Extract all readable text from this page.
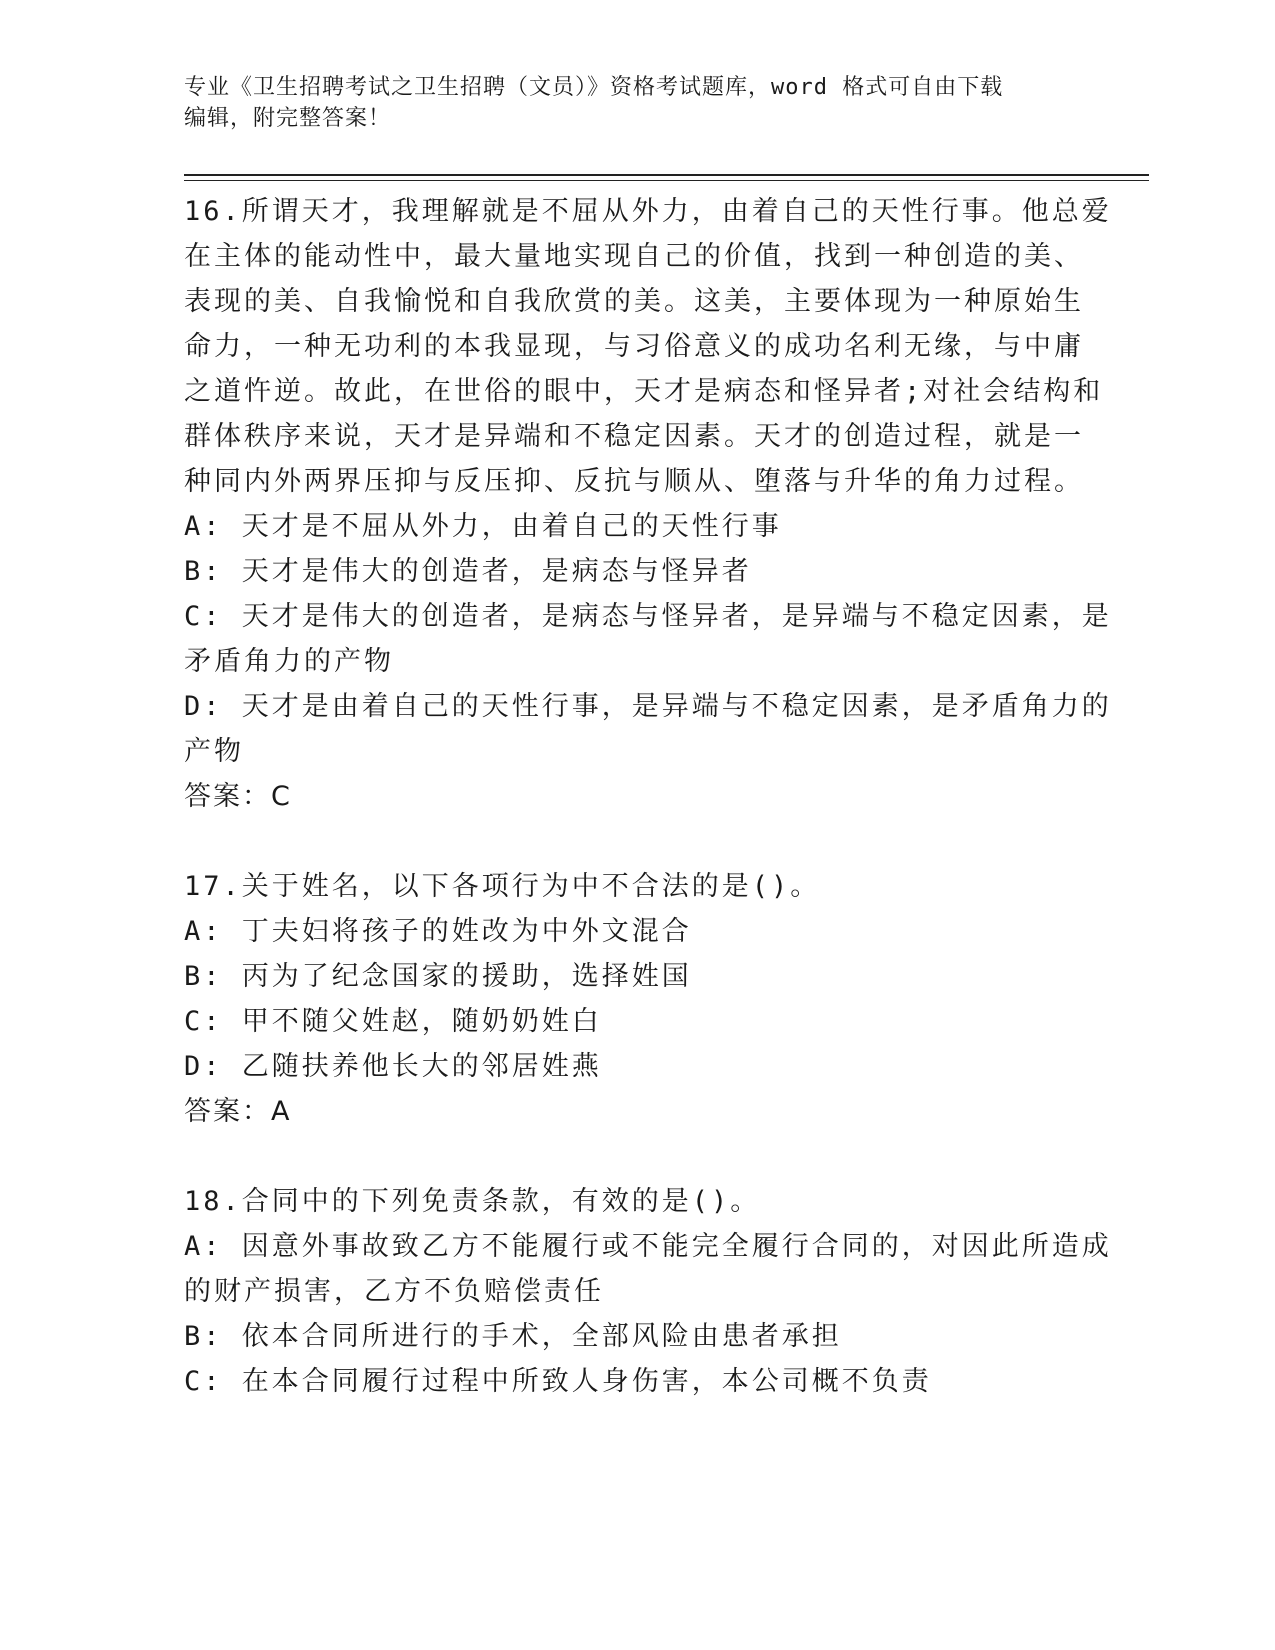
专业《卫生招聘考试之卫生招聘（文员）》资格考试题库，word 格式可自由下载
编辑，附完整答案！
16.所谓天才，我理解就是不屈从外力，由着自己的天性行事。他总爱
在主体的能动性中，最大量地实现自己的价值，找到一种创造的美、
表现的美、自我愉悦和自我欣赏的美。这美，主要体现为一种原始生
命力，一种无功利的本我显现，与习俗意义的成功名利无缘，与中庸
之道忤逆。故此，在世俗的眼中，天才是病态和怪异者;对社会结构和
群体秩序来说，天才是异端和不稳定因素。天才的创造过程，就是一
种同内外两界压抑与反压抑、反抗与顺从、堕落与升华的角力过程。
A: 天才是不屈从外力，由着自己的天性行事
B: 天才是伟大的创造者，是病态与怪异者
C: 天才是伟大的创造者，是病态与怪异者，是异端与不稳定因素，是
矛盾角力的产物
D: 天才是由着自己的天性行事，是异端与不稳定因素，是矛盾角力的
产物
答案：C
17.关于姓名，以下各项行为中不合法的是()。
A: 丁夫妇将孩子的姓改为中外文混合
B: 丙为了纪念国家的援助，选择姓国
C: 甲不随父姓赵，随奶奶姓白
D: 乙随扶养他长大的邻居姓燕
答案：A
18.合同中的下列免责条款，有效的是()。
A: 因意外事故致乙方不能履行或不能完全履行合同的，对因此所造成
的财产损害，乙方不负赔偿责任
B: 依本合同所进行的手术，全部风险由患者承担
C: 在本合同履行过程中所致人身伤害，本公司概不负责
